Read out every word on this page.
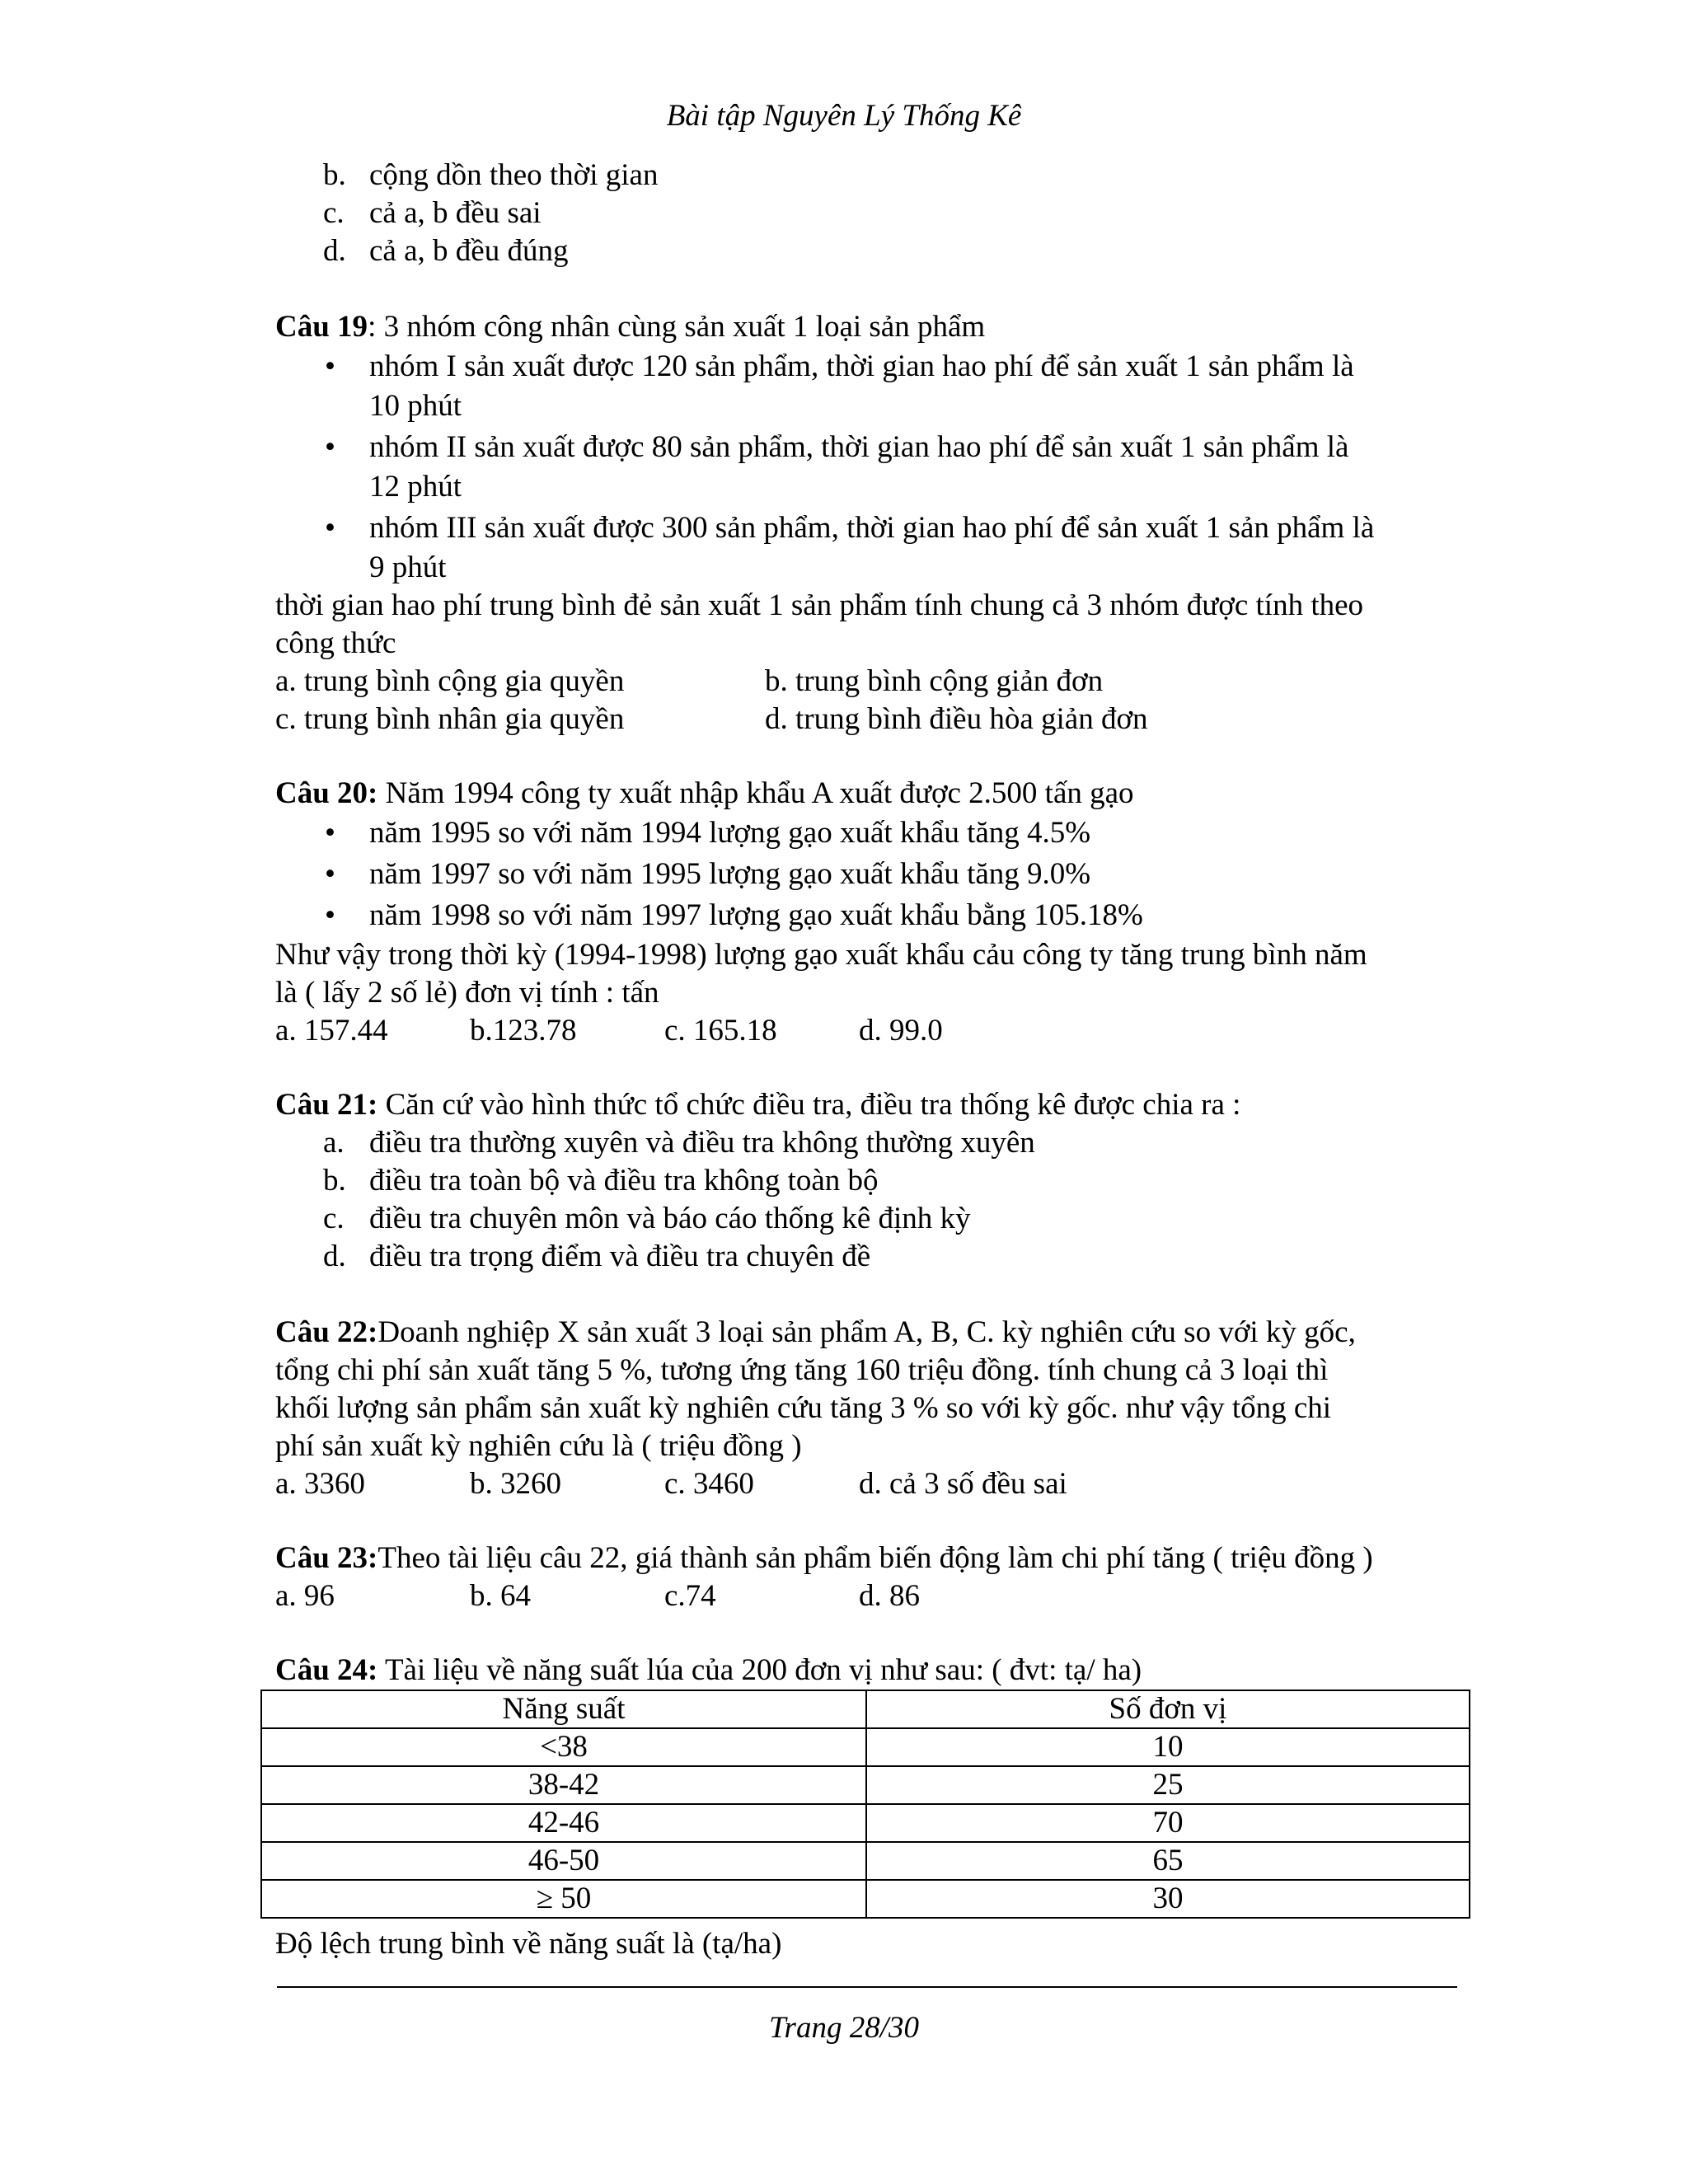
Bài tập Nguyên Lý Thống Kê
b. cộng dồn theo thời gian
c. cả a, b đều sai
d. cả a, b đều đúng
Câu 19: 3 nhóm công nhân cùng sản xuất 1 loại sản phẩm
• nhóm I sản xuất được 120 sản phẩm, thời gian hao phí để sản xuất 1 sản phẩm là
10 phút
• nhóm II sản xuất được 80 sản phẩm, thời gian hao phí để sản xuất 1 sản phẩm là
12 phút
• nhóm III sản xuất được 300 sản phẩm, thời gian hao phí để sản xuất 1 sản phẩm là
9 phút
thời gian hao phí trung bình đẻ sản xuất 1 sản phẩm tính chung cả 3 nhóm được tính theo
công thức
a. trung bình cộng gia quyền	b. trung bình cộng giản đơn
c. trung bình nhân gia quyền	d. trung bình điều hòa giản đơn
Câu 20: Năm 1994 công ty xuất nhập khẩu A xuất được 2.500 tấn gạo
• năm 1995 so với năm 1994 lượng gạo xuất khẩu tăng 4.5%
• năm 1997 so với năm 1995 lượng gạo xuất khẩu tăng 9.0%
• năm 1998 so với năm 1997 lượng gạo xuất khẩu bằng 105.18%
Như vậy trong thời kỳ (1994-1998) lượng gạo xuất khẩu cảu công ty tăng trung bình năm
là ( lấy 2 số lẻ) đơn vị tính : tấn
a. 157.44	b.123.78	c. 165.18	d. 99.0
Câu 21: Căn cứ vào hình thức tổ chức điều tra, điều tra thống kê được chia ra :
a. điều tra thường xuyên và điều tra không thường xuyên
b. điều tra toàn bộ và điều tra không toàn bộ
c. điều tra chuyên môn và báo cáo thống kê định kỳ
d. điều tra trọng điểm và điều tra chuyên đề
Câu 22:Doanh nghiệp X sản xuất 3 loại sản phẩm A, B, C. kỳ nghiên cứu so với kỳ gốc,
tổng chi phí sản xuất tăng 5 %, tương ứng tăng 160 triệu đồng. tính chung cả 3 loại thì
khối lượng sản phẩm sản xuất kỳ nghiên cứu tăng 3 % so với kỳ gốc. như vậy tổng chi
phí sản xuất kỳ nghiên cứu là ( triệu đồng )
a. 3360	b. 3260	c. 3460	d. cả 3 số đều sai
Câu 23:Theo tài liệu câu 22, giá thành sản phẩm biến động làm chi phí tăng ( triệu đồng )
a. 96	b. 64	c.74	d. 86
Câu 24: Tài liệu về năng suất lúa của 200 đơn vị như sau: ( đvt: tạ/ ha)
Năng suất	Số đơn vị
<38	10
38-42	25
42-46	70
46-50	65
≥ 50	30
Độ lệch trung bình về năng suất là (tạ/ha)
Trang 28/30
